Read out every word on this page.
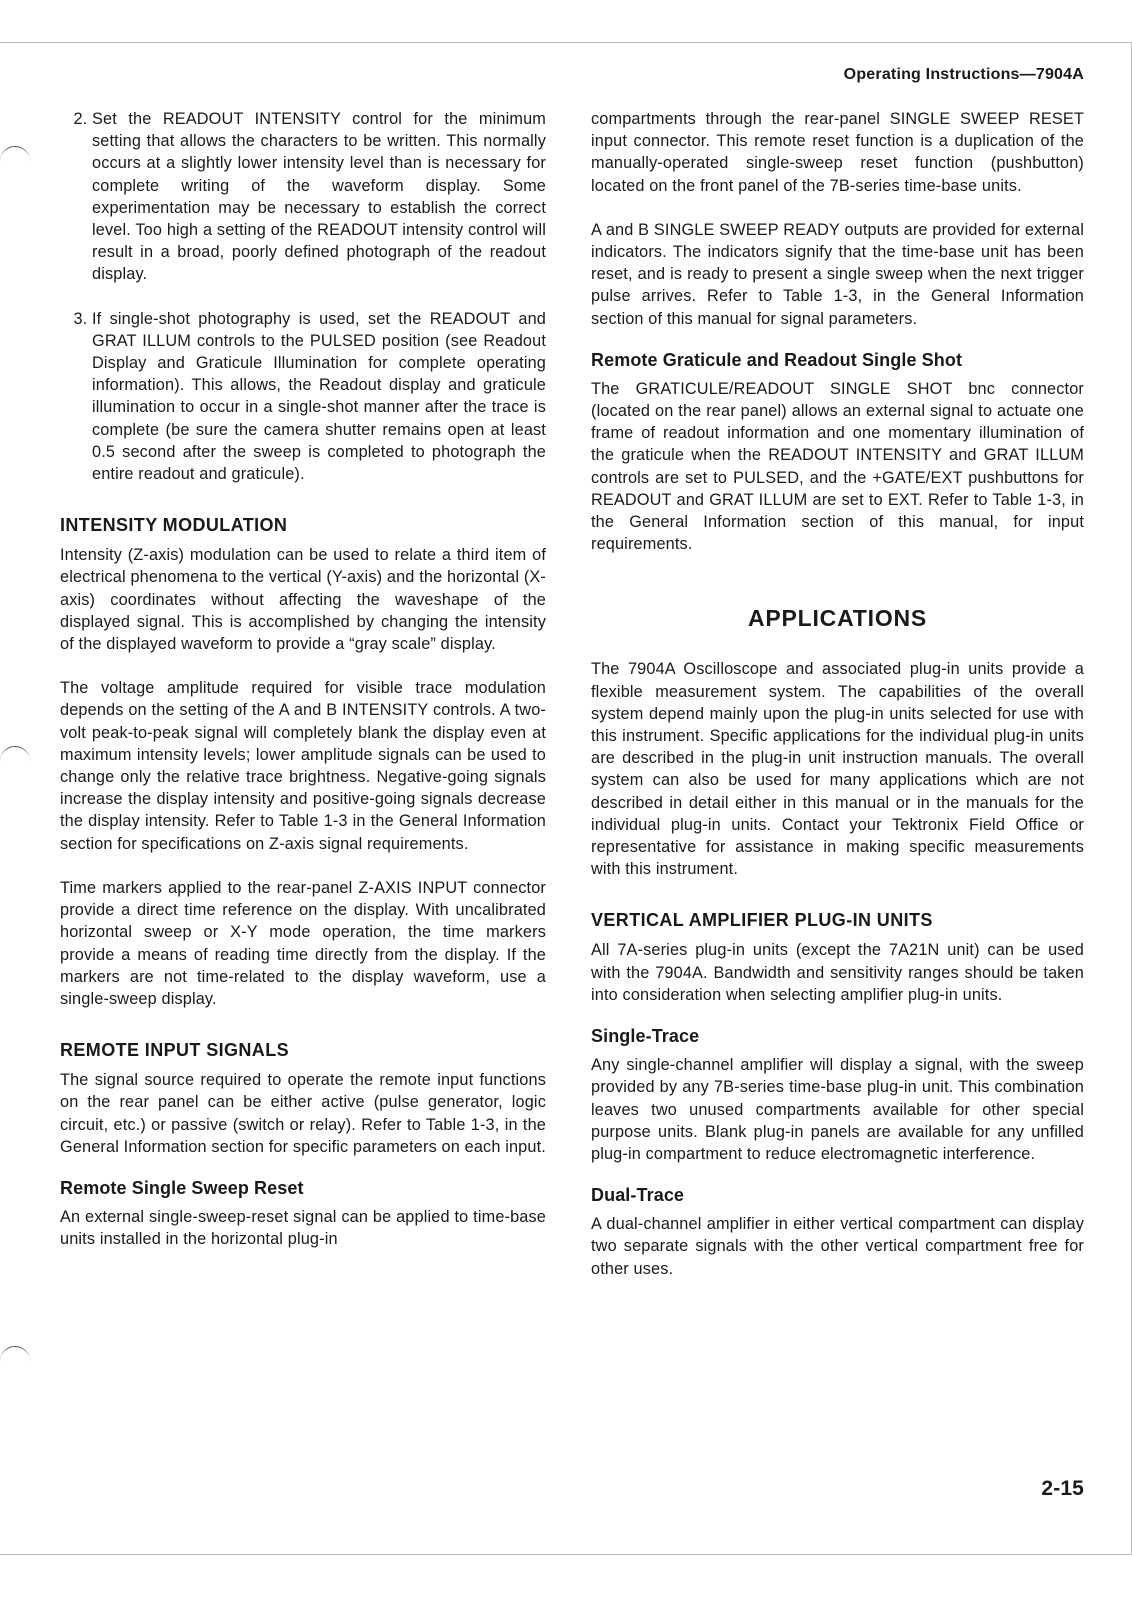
Operating Instructions—7904A

2. Set the READOUT INTENSITY control for the minimum setting that allows the characters to be written. This normally occurs at a slightly lower intensity level than is necessary for complete writing of the waveform display. Some experimentation may be necessary to establish the correct level. Too high a setting of the READOUT intensity control will result in a broad, poorly defined photograph of the readout display.
3. If single-shot photography is used, set the READOUT and GRAT ILLUM controls to the PULSED position (see Readout Display and Graticule Illumination for complete operating information). This allows, the Readout display and graticule illumination to occur in a single-shot manner after the trace is complete (be sure the camera shutter remains open at least 0.5 second after the sweep is completed to photograph the entire readout and graticule).
INTENSITY MODULATION

Intensity (Z-axis) modulation can be used to relate a third item of electrical phenomena to the vertical (Y-axis) and the horizontal (X-axis) coordinates without affecting the waveshape of the displayed signal. This is accomplished by changing the intensity of the displayed waveform to provide a “gray scale” display.

The voltage amplitude required for visible trace modulation depends on the setting of the A and B INTENSITY controls. A two-volt peak-to-peak signal will completely blank the display even at maximum intensity levels; lower amplitude signals can be used to change only the relative trace brightness. Negative-going signals increase the display intensity and positive-going signals decrease the display intensity. Refer to Table 1-3 in the General Information section for specifications on Z-axis signal requirements.

Time markers applied to the rear-panel Z-AXIS INPUT connector provide a direct time reference on the display. With uncalibrated horizontal sweep or X-Y mode operation, the time markers provide a means of reading time directly from the display. If the markers are not time-related to the display waveform, use a single-sweep display.

REMOTE INPUT SIGNALS

The signal source required to operate the remote input functions on the rear panel can be either active (pulse generator, logic circuit, etc.) or passive (switch or relay). Refer to Table 1-3, in the General Information section for specific parameters on each input.

Remote Single Sweep Reset

An external single-sweep-reset signal can be applied to time-base units installed in the horizontal plug-in

compartments through the rear-panel SINGLE SWEEP RESET input connector. This remote reset function is a duplication of the manually-operated single-sweep reset function (pushbutton) located on the front panel of the 7B-series time-base units.

A and B SINGLE SWEEP READY outputs are provided for external indicators. The indicators signify that the time-base unit has been reset, and is ready to present a single sweep when the next trigger pulse arrives. Refer to Table 1-3, in the General Information section of this manual for signal parameters.

Remote Graticule and Readout Single Shot

The GRATICULE/READOUT SINGLE SHOT bnc connector (located on the rear panel) allows an external signal to actuate one frame of readout information and one momentary illumination of the graticule when the READOUT INTENSITY and GRAT ILLUM controls are set to PULSED, and the +GATE/EXT pushbuttons for READOUT and GRAT ILLUM are set to EXT. Refer to Table 1-3, in the General Information section of this manual, for input requirements.

APPLICATIONS

The 7904A Oscilloscope and associated plug-in units provide a flexible measurement system. The capabilities of the overall system depend mainly upon the plug-in units selected for use with this instrument. Specific applications for the individual plug-in units are described in the plug-in unit instruction manuals. The overall system can also be used for many applications which are not described in detail either in this manual or in the manuals for the individual plug-in units. Contact your Tektronix Field Office or representative for assistance in making specific measurements with this instrument.

VERTICAL AMPLIFIER PLUG-IN UNITS

All 7A-series plug-in units (except the 7A21N unit) can be used with the 7904A. Bandwidth and sensitivity ranges should be taken into consideration when selecting amplifier plug-in units.

Single-Trace

Any single-channel amplifier will display a signal, with the sweep provided by any 7B-series time-base plug-in unit. This combination leaves two unused compartments available for other special purpose units. Blank plug-in panels are available for any unfilled plug-in compartment to reduce electromagnetic interference.

Dual-Trace

A dual-channel amplifier in either vertical compartment can display two separate signals with the other vertical compartment free for other uses.

2-15
